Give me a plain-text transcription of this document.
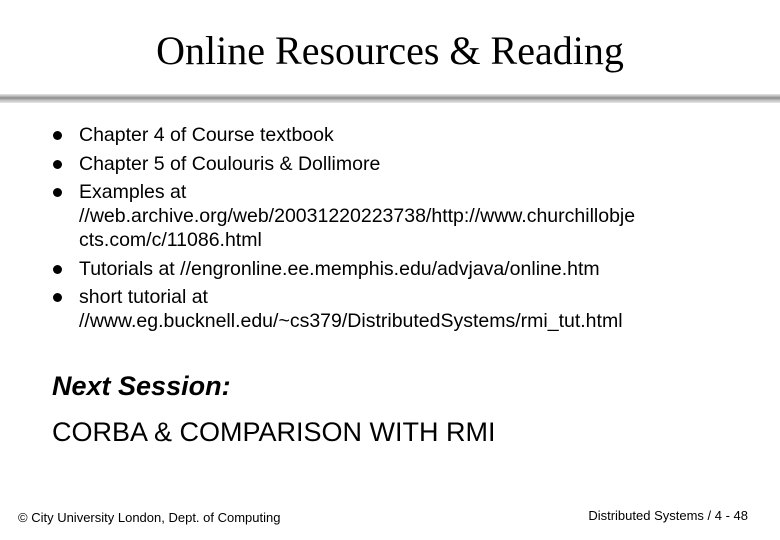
Online Resources & Reading
Chapter 4 of Course textbook
Chapter 5 of Coulouris & Dollimore
Examples at
//web.archive.org/web/20031220223738/http://www.churchillobje
cts.com/c/11086.html
Tutorials at //engronline.ee.memphis.edu/advjava/online.htm
short tutorial at
//www.eg.bucknell.edu/~cs379/DistributedSystems/rmi_tut.html
Next Session:
CORBA & COMPARISON WITH RMI
© City University London, Dept. of Computing	Distributed Systems / 4 - 48
